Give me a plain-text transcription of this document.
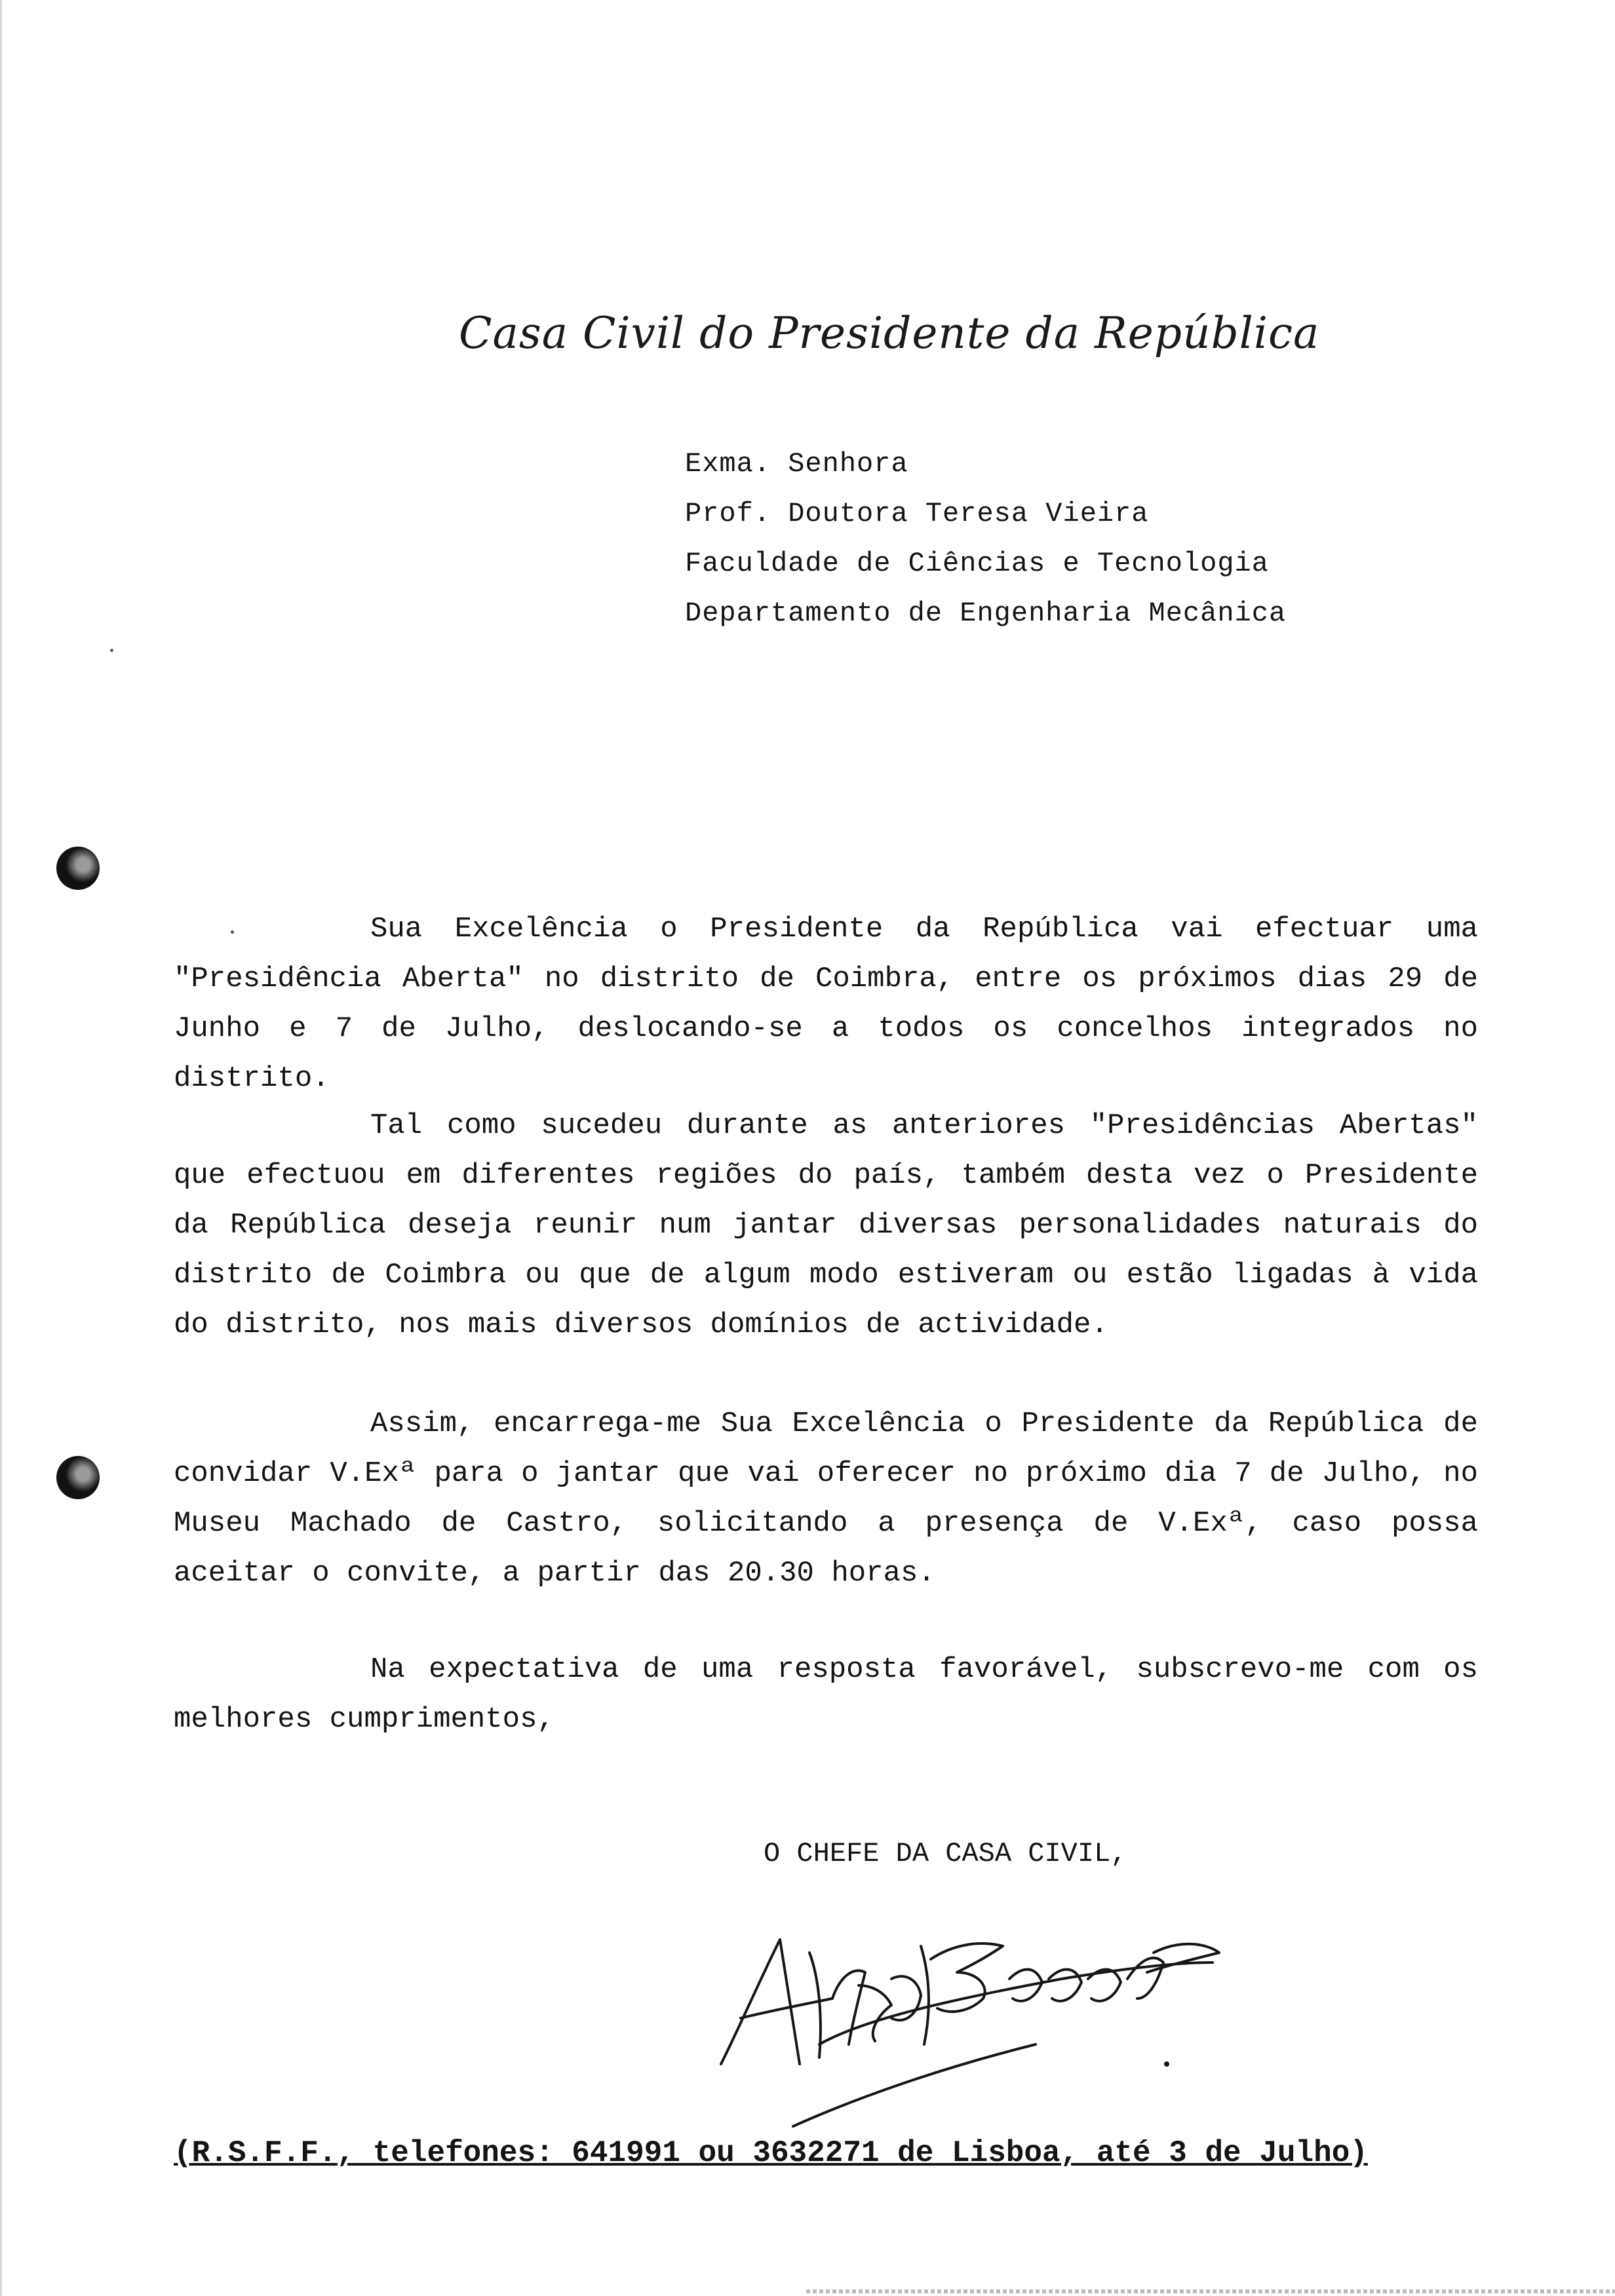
Casa Civil do Presidente da República
Exma. Senhora
Prof. Doutora Teresa Vieira
Faculdade de Ciências e Tecnologia
Departamento de Engenharia Mecânica

Sua Excelência o Presidente da República vai efectuar uma "Presidência Aberta" no distrito de Coimbra, entre os próximos dias 29 de Junho e 7 de Julho, deslocando-se a todos os concelhos integrados no distrito.

Tal como sucedeu durante as anteriores "Presidências Abertas" que efectuou em diferentes regiões do país, também desta vez o Presidente da República deseja reunir num jantar diversas personalidades naturais do distrito de Coimbra ou que de algum modo estiveram ou estão ligadas à vida do distrito, nos mais diversos domínios de actividade.

Assim, encarrega-me Sua Excelência o Presidente da República de convidar V.Exª para o jantar que vai oferecer no próximo dia 7 de Julho, no Museu Machado de Castro, solicitando a presença de V.Exª, caso possa aceitar o convite, a partir das 20.30 horas.

Na expectativa de uma resposta favorável, subscrevo-me com os melhores cumprimentos,

O CHEFE DA CASA CIVIL,
(R.S.F.F., telefones: 641991 ou 3632271 de Lisboa, até 3 de Julho)
